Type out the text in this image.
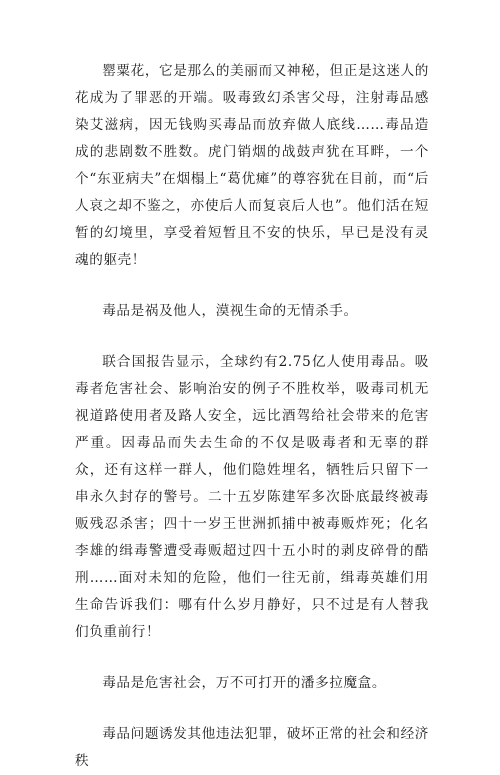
罂粟花，它是那么的美丽而又神秘，但正是这迷人的花成为了罪恶的开端。吸毒致幻杀害父母，注射毒品感染艾滋病，因无钱购买毒品而放弃做人底线……毒品造成的悲剧数不胜数。虎门销烟的战鼓声犹在耳畔，一个个“东亚病夫”在烟榻上“葛优瘫”的尊容犹在目前，而“后人哀之却不鉴之，亦使后人而复哀后人也”。他们活在短暂的幻境里，享受着短暂且不安的快乐，早已是没有灵魂的躯壳！

毒品是祸及他人，漠视生命的无情杀手。

联合国报告显示，全球约有2.75亿人使用毒品。吸毒者危害社会、影响治安的例子不胜枚举，吸毒司机无视道路使用者及路人安全，远比酒驾给社会带来的危害严重。因毒品而失去生命的不仅是吸毒者和无辜的群众，还有这样一群人，他们隐姓埋名，牺牲后只留下一串永久封存的警号。二十五岁陈建军多次卧底最终被毒贩残忍杀害；四十一岁王世洲抓捕中被毒贩炸死；化名李雄的缉毒警遭受毒贩超过四十五小时的剥皮碎骨的酷刑……面对未知的危险，他们一往无前，缉毒英雄们用生命告诉我们：哪有什么岁月静好，只不过是有人替我们负重前行！

毒品是危害社会，万不可打开的潘多拉魔盒。

毒品问题诱发其他违法犯罪，破坏正常的社会和经济秩
